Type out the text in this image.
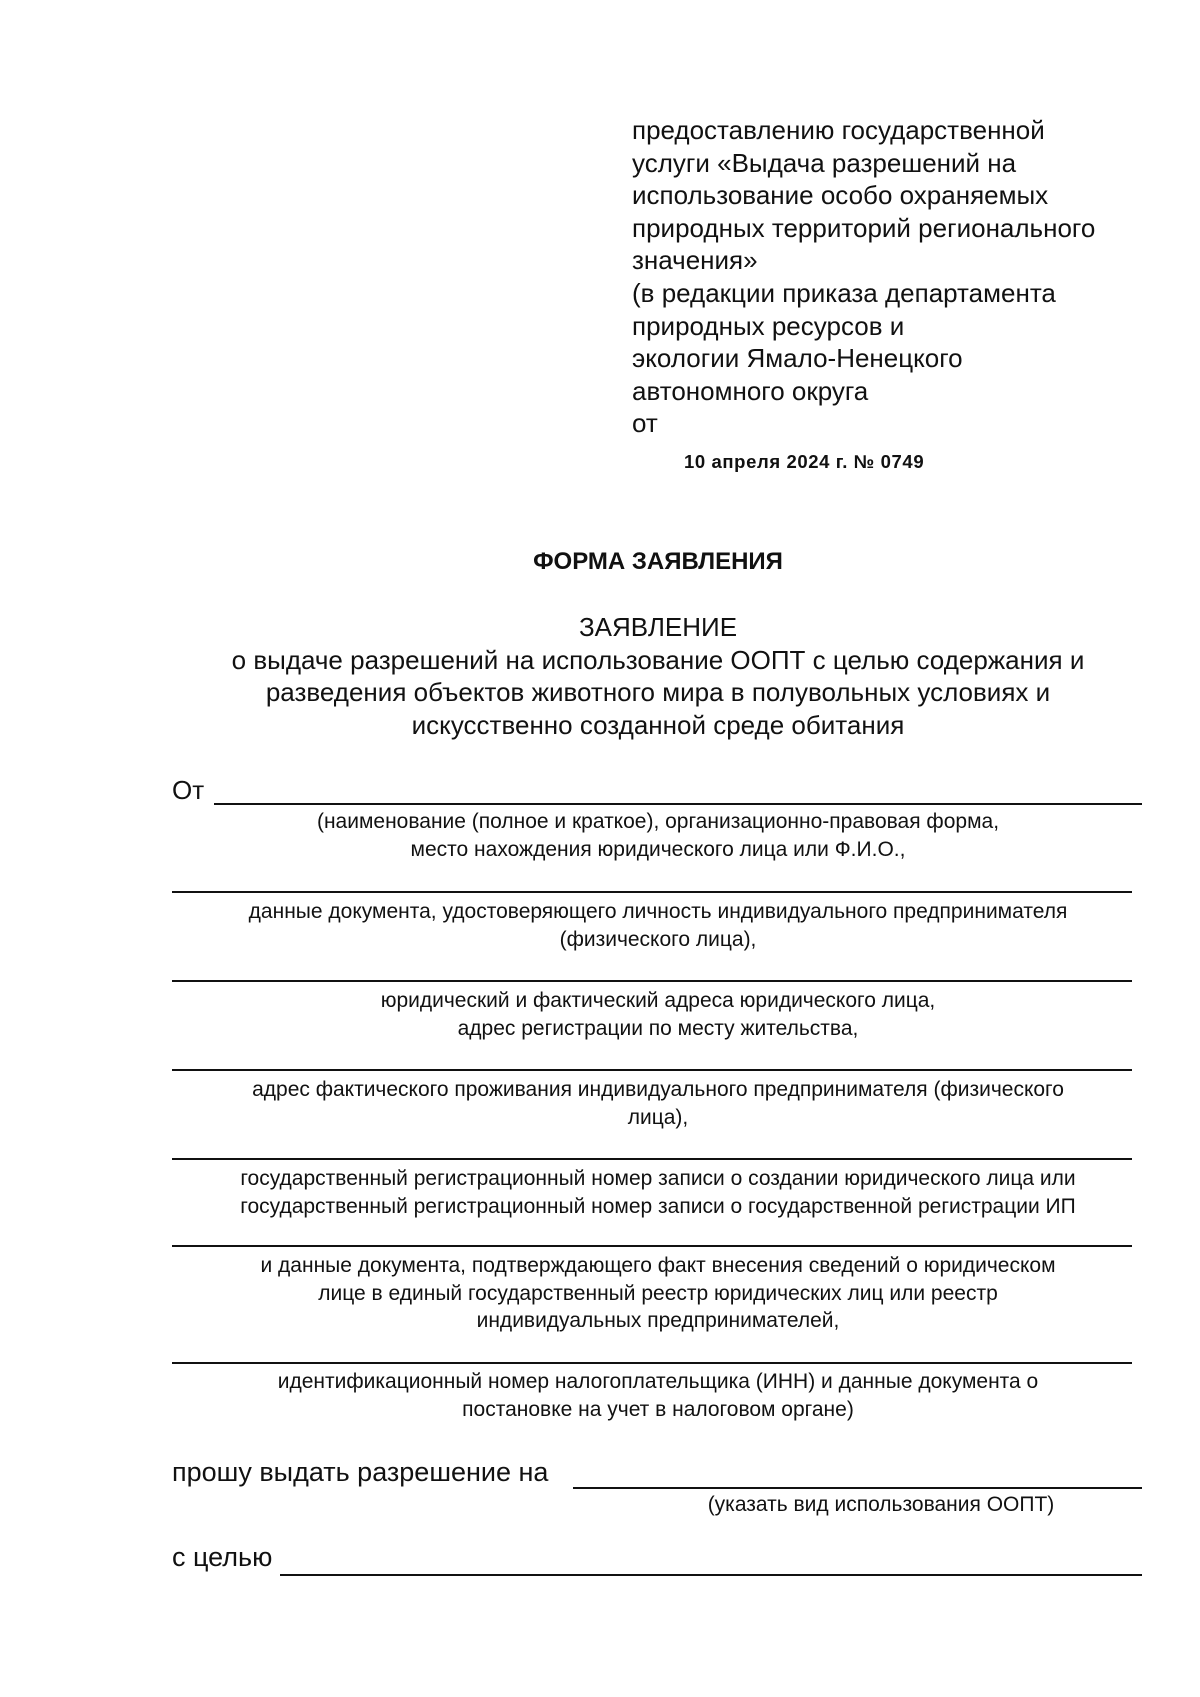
предоставлению государственной
услуги «Выдача разрешений на
использование особо охраняемых
природных территорий регионального
значения»
(в редакции приказа департамента
природных ресурсов и
экологии Ямало-Ненецкого
автономного округа
от
10 апреля 2024 г. № 0749
ФОРМА ЗАЯВЛЕНИЯ
ЗАЯВЛЕНИЕ
о выдаче разрешений на использование ООПТ с целью содержания и
разведения объектов животного мира в полувольных условиях и
искусственно созданной среде обитания
От
(наименование (полное и краткое), организационно-правовая форма,
место нахождения юридического лица или Ф.И.О.,
данные документа, удостоверяющего личность индивидуального предпринимателя
(физического лица),
юридический и фактический адреса юридического лица,
адрес регистрации по месту жительства,
адрес фактического проживания индивидуального предпринимателя (физического
лица),
государственный регистрационный номер записи о создании юридического лица или
государственный регистрационный номер записи о государственной регистрации ИП
и данные документа, подтверждающего факт внесения сведений о юридическом
лице в единый государственный реестр юридических лиц или реестр
индивидуальных предпринимателей,
идентификационный номер налогоплательщика (ИНН) и данные документа о
постановке на учет в налоговом органе)
прошу выдать разрешение на
(указать вид использования ООПТ)
с целью
